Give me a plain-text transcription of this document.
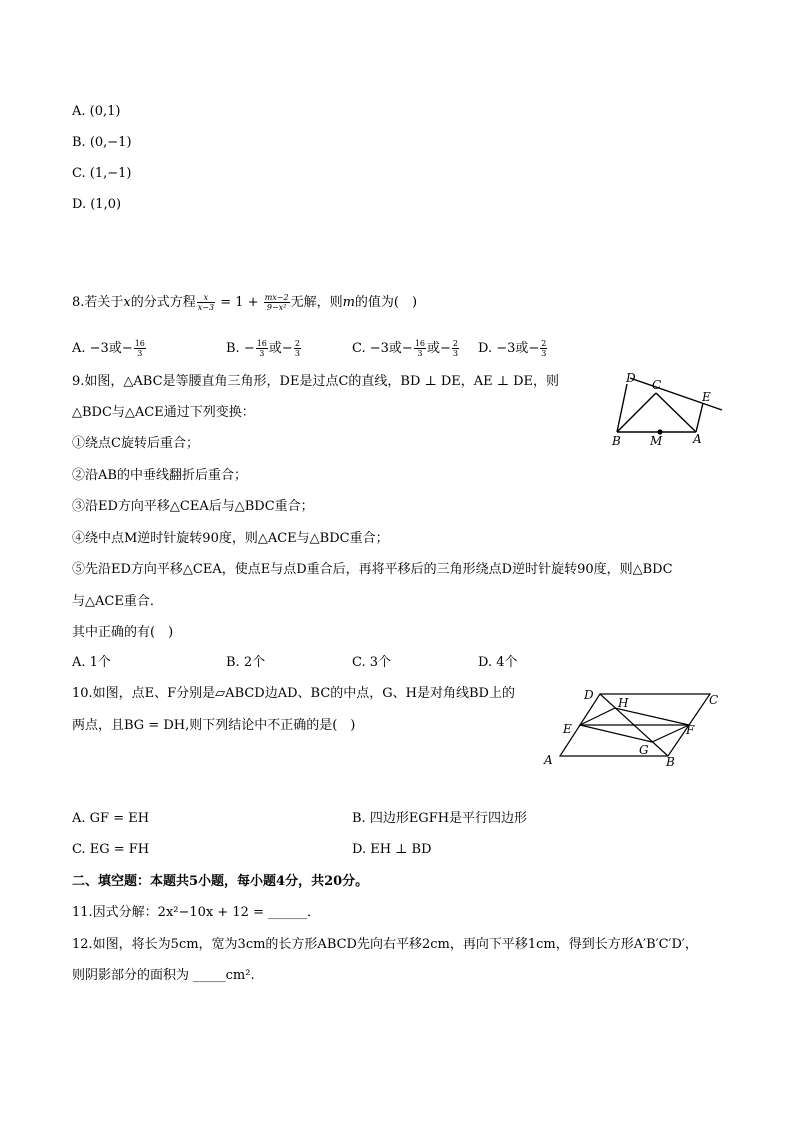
A. (0,1)
B. (0,−1)
C. (1,−1)
D. (1,0)
8.若关于x的分式方程 $\frac{x}{x-3} = 1 + \frac{mx-2}{\text{9−x²}}$ 无解，则m的值为(　)
A. −3或− $\frac{16}{3}$	B. − $\frac{16}{3}$ 或− $\frac{2}{3}$	C. −3或− $\frac{16}{3}$ 或− $\frac{2}{3} D$. −3或− $\frac{2}{3}$
9.如图，△ABC是等腰直角三角形，DE是过点C的直线，BD ⊥ DE，AE ⊥ DE，则
△BDC与△ACE通过下列变换：
①绕点C旋转后重合；
②沿AB的中垂线翻折后重合；
③沿ED方向平移△CEA后与△BDC重合；
④绕中点M逆时针旋转90度，则△ACE与△BDC重合；
⑤先沿ED方向平移△CEA，使点E与点D重合后，再将平移后的三角形绕点D逆时针旋转90度，则△BDC
与△ACE重合．
其中正确的有(　)
A. 1个	B. 2个	C. 3个	D. 4个
D C
E
B M	A
10.如图，点E、F分别是▱ABCD边AD、BC的中点，G、H是对角线BD上的
两点，且BG = DH,则下列结论中不正确的是(　)
D
H	C
E	F
G
A	B
A. GF = EH	B. 四边形EGFH是平行四边形
C. EG = FH	D. EH ⊥ BD
二、填空题：本题共5小题，每小题4分，共20分。
11.因式分解：2x²−10x + 12 = ______．
12.如图，将长为5cm，宽为3cm的长方形ABCD先向右平移2cm，再向下平移1cm，得到长方形A′B′C′D′，
则阴影部分的面积为 _____cm².
